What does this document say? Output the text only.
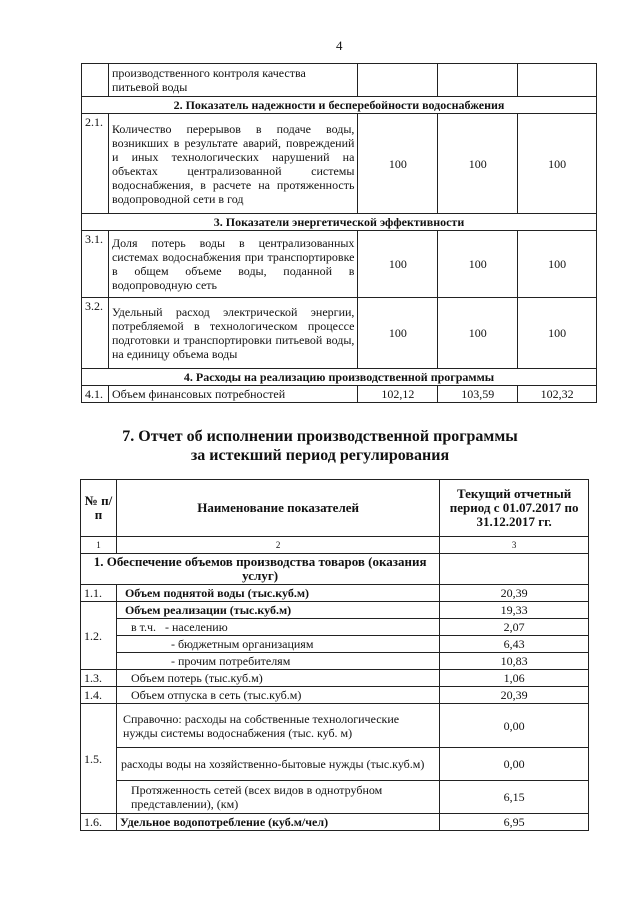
4
	производственного контроля качества питьевой воды			
2. Показатель надежности и бесперебойности водоснабжения				
2.1.	Количество перерывов в подаче воды, возникших в результате аварий, повреждений и иных технологических нарушений на объектах централизованной системы водоснабжения, в расчете на протяженность водопроводной сети в год	100	100	100
3. Показатели энергетической эффективности				
3.1.	Доля потерь воды в централизованных системах водоснабжения при транспортировке в общем объеме воды, поданной в водопроводную сеть	100	100	100
3.2.	Удельный расход электрической энергии, потребляемой в технологическом процессе подготовки и транспортировки питьевой воды, на единицу объема воды	100	100	100
4. Расходы на реализацию производственной программы				
4.1.	Объем финансовых потребностей	102,12	103,59	102,32
7. Отчет об исполнении производственной программы
за истекший период регулирования
№ п/п	Наименование показателей	Текущий отчетный период с 01.07.2017 по 31.12.2017 гг.
1	2	3
1. Обеспечение объемов производства товаров (оказания услуг)		
1.1.	Объем поднятой воды (тыс.куб.м)	20,39
1.2.	Объем реализации (тыс.куб.м)	19,33
	в т.ч. - населению	2,07
	- бюджетным организациям	6,43
	- прочим потребителям	10,83
1.3.	Объем потерь (тыс.куб.м)	1,06
1.4.	Объем отпуска в сеть (тыс.куб.м)	20,39
1.5.	Справочно: расходы на собственные технологические нужды системы водоснабжения (тыс. куб. м)	0,00
	расходы воды на хозяйственно-бытовые нужды (тыс.куб.м)	0,00
	Протяженность сетей (всех видов в однотрубном представлении), (км)	6,15
1.6.	Удельное водопотребление (куб.м/чел)	6,95
